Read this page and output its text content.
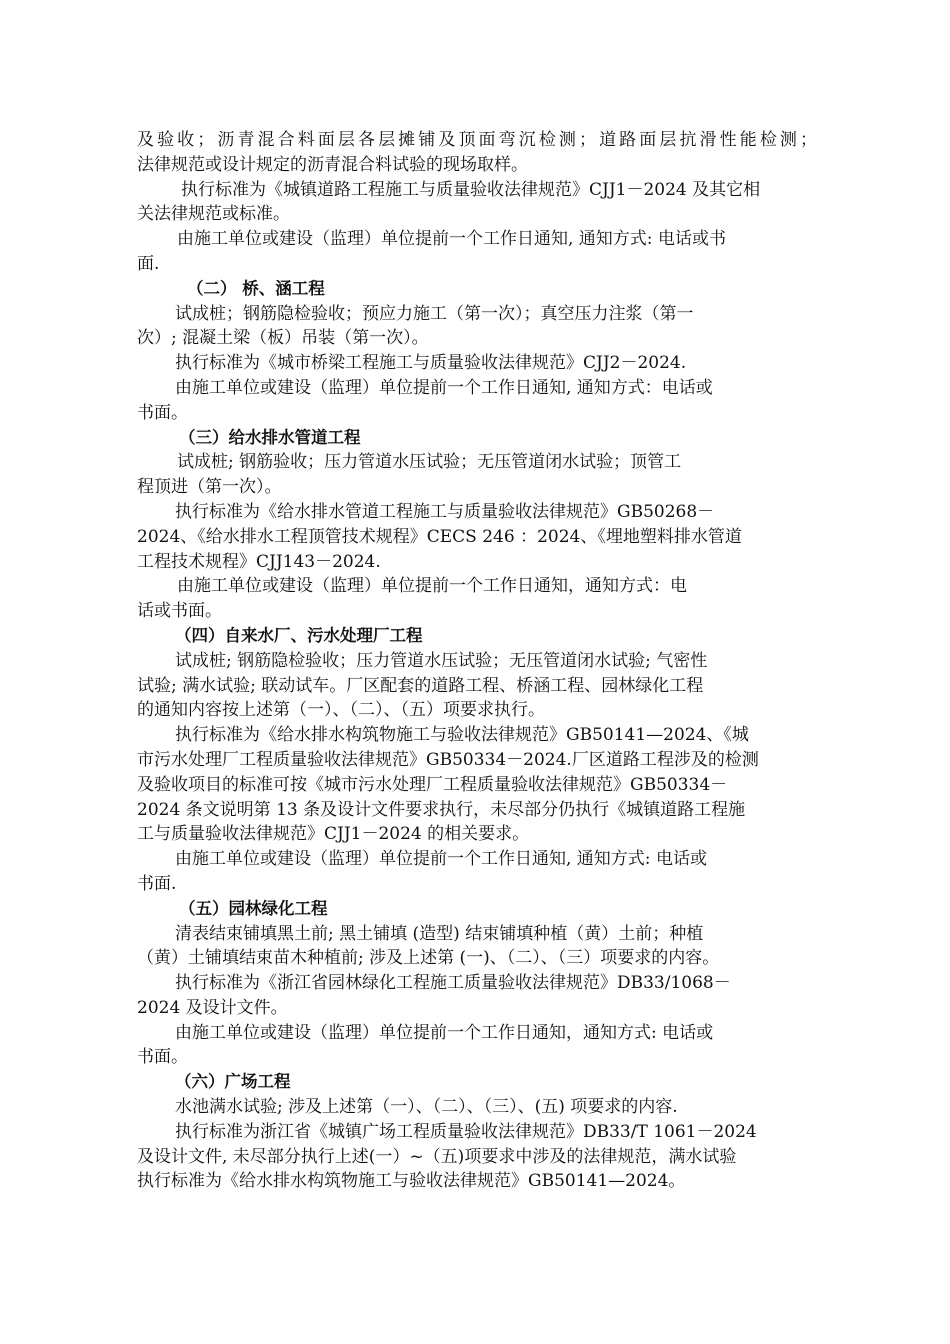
及验收；沥青混合料面层各层摊铺及顶面弯沉检测；道路面层抗滑性能检测；
法律规范或设计规定的沥青混合料试验的现场取样。
执行标准为《城镇道路工程施工与质量验收法律规范》CJJ1－2024 及其它相
关法律规范或标准。
由施工单位或建设（监理）单位提前一个工作日通知, 通知方式: 电话或书
面.
（二） 桥、涵工程
试成桩；钢筋隐检验收；预应力施工（第一次）；真空压力注浆（第一
次）; 混凝土梁（板）吊装（第一次）。
执行标准为《城市桥梁工程施工与质量验收法律规范》CJJ2－2024.
由施工单位或建设（监理）单位提前一个工作日通知, 通知方式：电话或
书面。
（三）给水排水管道工程
试成桩; 钢筋验收；压力管道水压试验；无压管道闭水试验；顶管工
程顶进（第一次）。
执行标准为《给水排水管道工程施工与质量验收法律规范》GB50268－
2024、《给水排水工程顶管技术规程》CECS 246 ：2024、《埋地塑料排水管道
工程技术规程》CJJ143－2024.
由施工单位或建设（监理）单位提前一个工作日通知，通知方式：电
话或书面。
（四）自来水厂、污水处理厂工程
试成桩; 钢筋隐检验收；压力管道水压试验；无压管道闭水试验; 气密性
试验; 满水试验; 联动试车。厂区配套的道路工程、桥涵工程、园林绿化工程
的通知内容按上述第（一）、（二）、（五）项要求执行。
执行标准为《给水排水构筑物施工与验收法律规范》GB50141—2024、《城
市污水处理厂工程质量验收法律规范》GB50334－2024.厂区道路工程涉及的检测
及验收项目的标准可按《城市污水处理厂工程质量验收法律规范》GB50334－
2024 条文说明第 13 条及设计文件要求执行，未尽部分仍执行《城镇道路工程施
工与质量验收法律规范》CJJ1－2024 的相关要求。
由施工单位或建设（监理）单位提前一个工作日通知, 通知方式: 电话或
书面.
（五）园林绿化工程
清表结束铺填黑土前; 黑土铺填 (造型) 结束铺填种植（黄）土前；种植
（黄）土铺填结束苗木种植前; 涉及上述第 (一)、（二）、（三）项要求的内容。
执行标准为《浙江省园林绿化工程施工质量验收法律规范》DB33/1068－
2024 及设计文件。
由施工单位或建设（监理）单位提前一个工作日通知，通知方式: 电话或
书面。
（六）广场工程
水池满水试验; 涉及上述第（一）、（二）、（三）、(五) 项要求的内容.
执行标准为浙江省《城镇广场工程质量验收法律规范》DB33/T 1061－2024
及设计文件, 未尽部分执行上述(一）~（五)项要求中涉及的法律规范，满水试验
执行标准为《给水排水构筑物施工与验收法律规范》GB50141—2024。
